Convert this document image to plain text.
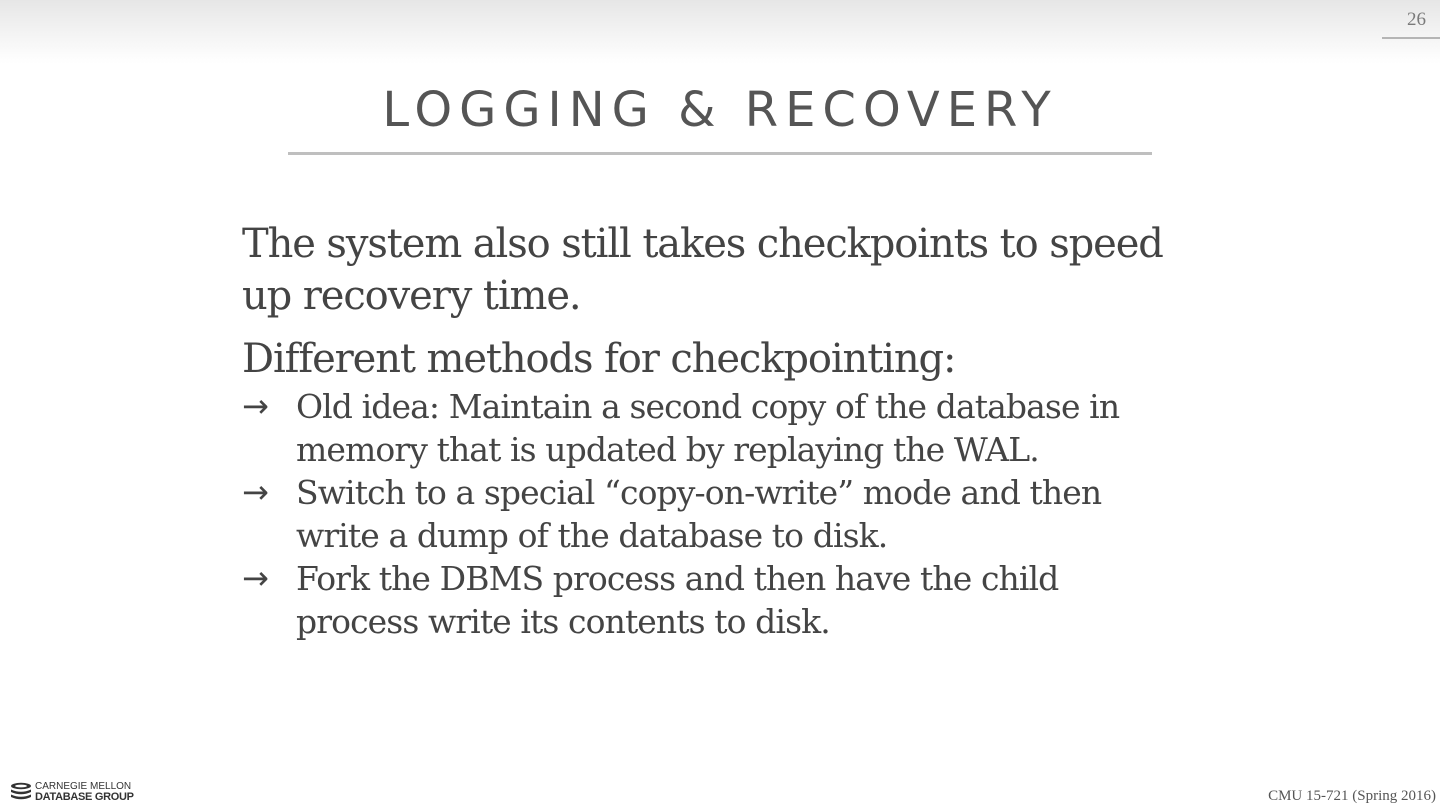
26
LOGGING & RECOVERY

The system also still takes checkpoints to speed up recovery time.

Different methods for checkpointing:

→ Old idea: Maintain a second copy of the database in memory that is updated by replaying the WAL.
→ Switch to a special “copy-on-write” mode and then write a dump of the database to disk.
→ Fork the DBMS process and then have the child process write its contents to disk.
CARNEGIE MELLON
DATABASE GROUP	CMU 15-721 (Spring 2016)
